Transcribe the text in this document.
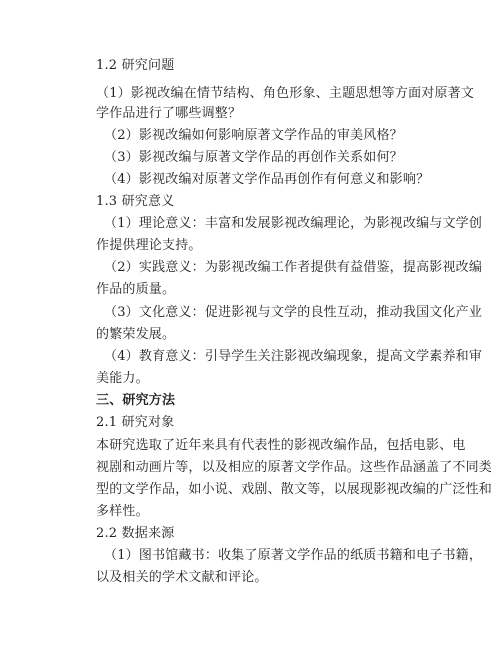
1.2 研究问题
（1）影视改编在情节结构、角色形象、主题思想等方面对原著文
学作品进行了哪些调整？
（2）影视改编如何影响原著文学作品的审美风格？
（3）影视改编与原著文学作品的再创作关系如何？
（4）影视改编对原著文学作品再创作有何意义和影响？
1.3 研究意义
（1）理论意义：丰富和发展影视改编理论，为影视改编与文学创
作提供理论支持。
（2）实践意义：为影视改编工作者提供有益借鉴，提高影视改编
作品的质量。
（3）文化意义：促进影视与文学的良性互动，推动我国文化产业
的繁荣发展。
（4）教育意义：引导学生关注影视改编现象，提高文学素养和审
美能力。
三、研究方法
2.1 研究对象
本研究选取了近年来具有代表性的影视改编作品，包括电影、电
视剧和动画片等，以及相应的原著文学作品。这些作品涵盖了不同类
型的文学作品，如小说、戏剧、散文等，以展现影视改编的广泛性和
多样性。
2.2 数据来源
（1）图书馆藏书：收集了原著文学作品的纸质书籍和电子书籍，
以及相关的学术文献和评论。
